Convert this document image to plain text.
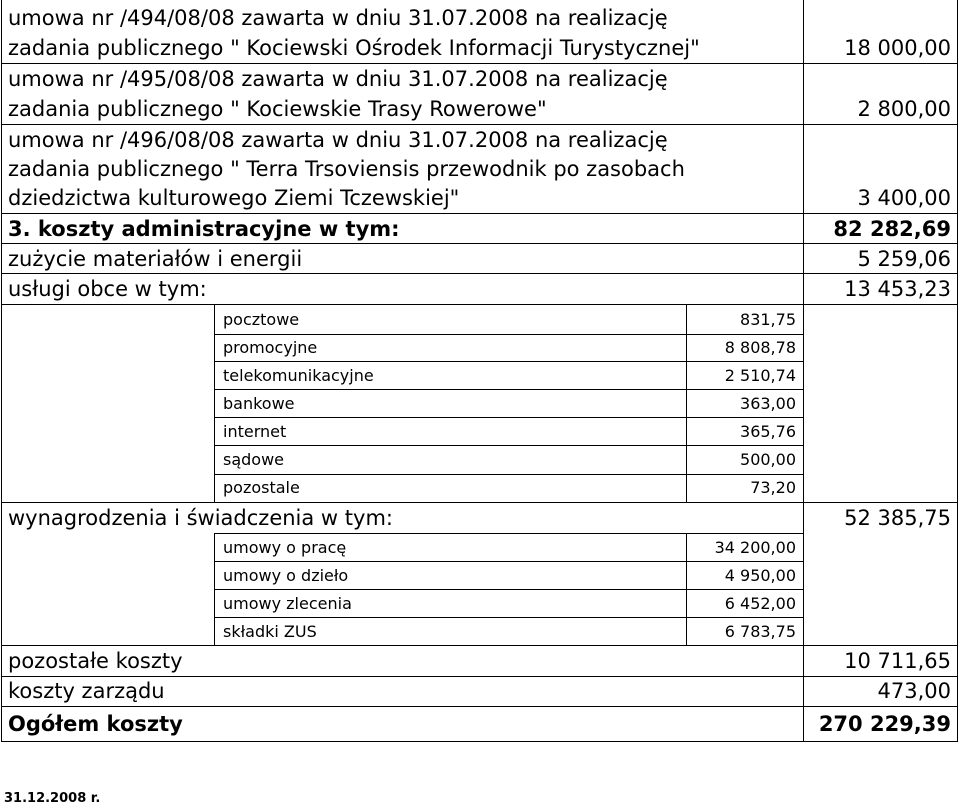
umowa nr /494/08/08 zawarta w dniu 31.07.2008 na realizację
zadania publicznego " Kociewski Ośrodek Informacji Turystycznej"	18 000,00
umowa nr /495/08/08 zawarta w dniu 31.07.2008 na realizację
zadania publicznego " Kociewskie Trasy Rowerowe"	2 800,00
umowa nr /496/08/08 zawarta w dniu 31.07.2008 na realizację
zadania publicznego " Terra Trsoviensis przewodnik po zasobach
dziedzictwa kulturowego Ziemi Tczewskiej"	3 400,00
3. koszty administracyjne w tym:	82 282,69
zużycie materiałów i energii	5 259,06
usługi obce w tym:	13 453,23
pocztowe	831,75
promocyjne	8 808,78
telekomunikacyjne	2 510,74
bankowe	363,00
internet	365,76
sądowe	500,00
pozostale	73,20
wynagrodzenia i świadczenia w tym:	52 385,75
umowy o pracę	34 200,00
umowy o dzieło	4 950,00
umowy zlecenia	6 452,00
składki ZUS	6 783,75
pozostałe koszty	10 711,65
koszty zarządu	473,00
Ogółem koszty	270 229,39
31.12.2008 r.
